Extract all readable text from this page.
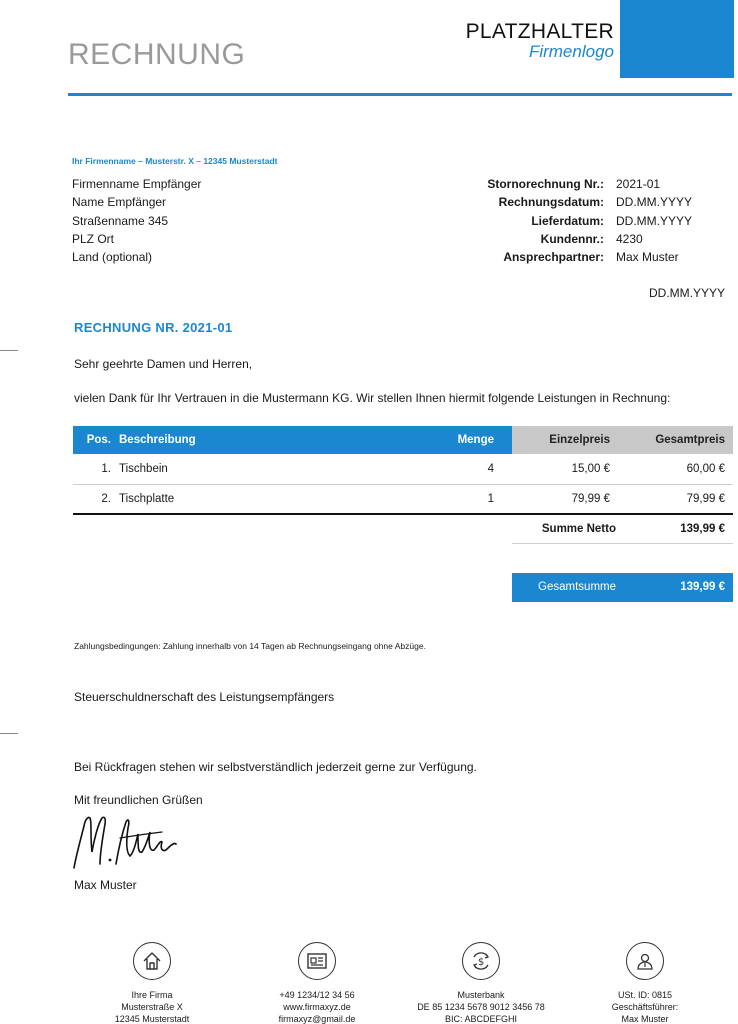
RECHNUNG
PLATZHALTER
Firmenlogo
Ihr Firmenname – Musterstr. X – 12345 Musterstadt
Firmenname Empfänger
Name Empfänger
Straßenname 345
PLZ Ort
Land (optional)
Stornorechnung Nr.:	2021-01
Rechnungsdatum:	DD.MM.YYYY
Lieferdatum:	DD.MM.YYYY
Kundennr.:	4230
Ansprechpartner:	Max Muster
DD.MM.YYYY
RECHNUNG NR. 2021-01
Sehr geehrte Damen und Herren,
vielen Dank für Ihr Vertrauen in die Mustermann KG. Wir stellen Ihnen hiermit folgende Leistungen in Rechnung:
Pos.	Beschreibung	Menge	Einzelpreis	Gesamtpreis
1.	Tischbein	4	15,00 €	60,00 €
2.	Tischplatte	1	79,99 €	79,99 €
Summe Netto	139,99 €
Gesamtsumme	139,99 €
Zahlungsbedingungen: Zahlung innerhalb von 14 Tagen ab Rechnungseingang ohne Abzüge.
Steuerschuldnerschaft des Leistungsempfängers
Bei Rückfragen stehen wir selbstverständlich jederzeit gerne zur Verfügung.
Mit freundlichen Grüßen
Max Muster
Ihre Firma
Musterstraße X
12345 Musterstadt
+49 1234/12 34 56
www.firmaxyz.de
firmaxyz@gmail.de
$
Musterbank
DE 85 1234 5678 9012 3456 78
BIC: ABCDEFGHI
USt. ID: 0815
Geschäftsführer:
Max Muster
